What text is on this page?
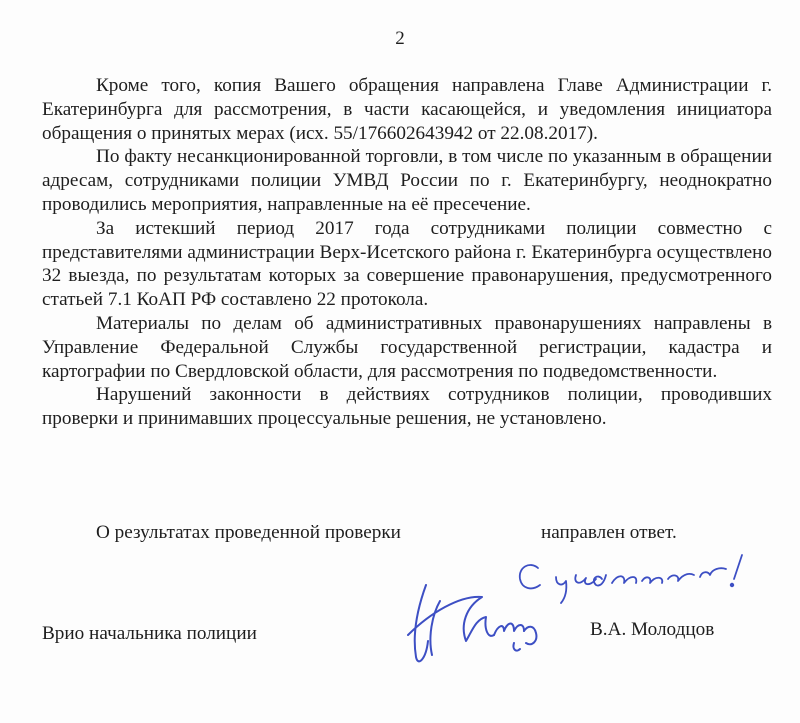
2

Кроме того, копия Вашего обращения направлена Главе Администрации г. Екатеринбурга для рассмотрения, в части касающейся, и уведомления инициатора обращения о принятых мерах (исх. 55/176602643942 от 22.08.2017).

По факту несанкционированной торговли, в том числе по указанным в обращении адресам, сотрудниками полиции УМВД России по г. Екатеринбургу, неоднократно проводились мероприятия, направленные на её пресечение.

За истекший период 2017 года сотрудниками полиции совместно с представителями администрации Верх-Исетского района г. Екатеринбурга осуществлено 32 выезда, по результатам которых за совершение правонарушения, предусмотренного статьей 7.1 КоАП РФ составлено 22 протокола.

Материалы по делам об административных правонарушениях направлены в Управление Федеральной Службы государственной регистрации, кадастра и картографии по Свердловской области, для рассмотрения по подведомственности.

Нарушений законности в действиях сотрудников полиции, проводивших проверки и принимавших процессуальные решения, не установлено.

О результатах проведенной проверки	направлен ответ.
Врио начальника полиции	В.А. Молодцов
